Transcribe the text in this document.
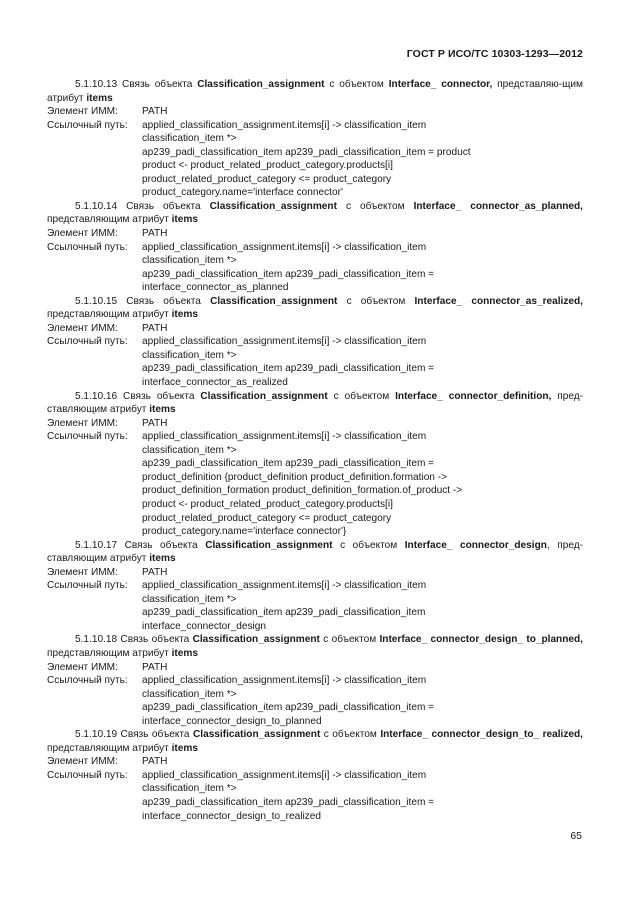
ГОСТ Р ИСО/ТС 10303-1293—2012

5.1.10.13 Связь объекта Classification_assignment с объектом Interface_ connector, представляю-щим атрибут items

Элемент ИММ:	PATH
Ссылочный путь:	applied_classification_assignment.items[i] -> classification_item
classification_item *>
ap239_padi_classification_item ap239_padi_classification_item = product
product <- product_related_product_category.products[i]
product_related_product_category <= product_category
product_category.name='interface connector'

5.1.10.14 Связь объекта Classification_assignment с объектом Interface_ connector_as_planned, представляющим атрибут items

Элемент ИММ:	PATH
Ссылочный путь:	applied_classification_assignment.items[i] -> classification_item
classification_item *>
ap239_padi_classification_item ap239_padi_classification_item =
interface_connector_as_planned

5.1.10.15 Связь объекта Classification_assignment с объектом Interface_ connector_as_realized, представляющим атрибут items

Элемент ИММ:	PATH
Ссылочный путь:	applied_classification_assignment.items[i] -> classification_item
classification_item *>
ap239_padi_classification_item ap239_padi_classification_item =
interface_connector_as_realized

5.1.10.16 Связь объекта Classification_assignment с объектом Interface_ connector_definition, пред-ставляющим атрибут items

Элемент ИММ:	PATH
Ссылочный путь:	applied_classification_assignment.items[i] -> classification_item
classification_item *>
ap239_padi_classification_item ap239_padi_classification_item =
product_definition {product_definition product_definition.formation ->
product_definition_formation product_definition_formation.of_product ->
product <- product_related_product_category.products[i]
product_related_product_category <= product_category
product_category.name='interface connector'}

5.1.10.17 Связь объекта Classification_assignment с объектом Interface_ connector_design, пред-ставляющим атрибут items

Элемент ИММ:	PATH
Ссылочный путь:	applied_classification_assignment.items[i] -> classification_item
classification_item *>
ap239_padi_classification_item ap239_padi_classification_item
interface_connector_design

5.1.10.18 Связь объекта Classification_assignment с объектом Interface_ connector_design_ to_planned, представляющим атрибут items

Элемент ИММ:	PATH
Ссылочный путь:	applied_classification_assignment.items[i] -> classification_item
classification_item *>
ap239_padi_classification_item ap239_padi_classification_item =
interface_connector_design_to_planned

5.1.10.19 Связь объекта Classification_assignment с объектом Interface_ connector_design_to_ realized, представляющим атрибут items

Элемент ИММ:	PATH
Ссылочный путь:	applied_classification_assignment.items[i] -> classification_item
classification_item *>
ap239_padi_classification_item ap239_padi_classification_item =
interface_connector_design_to_realized
65
